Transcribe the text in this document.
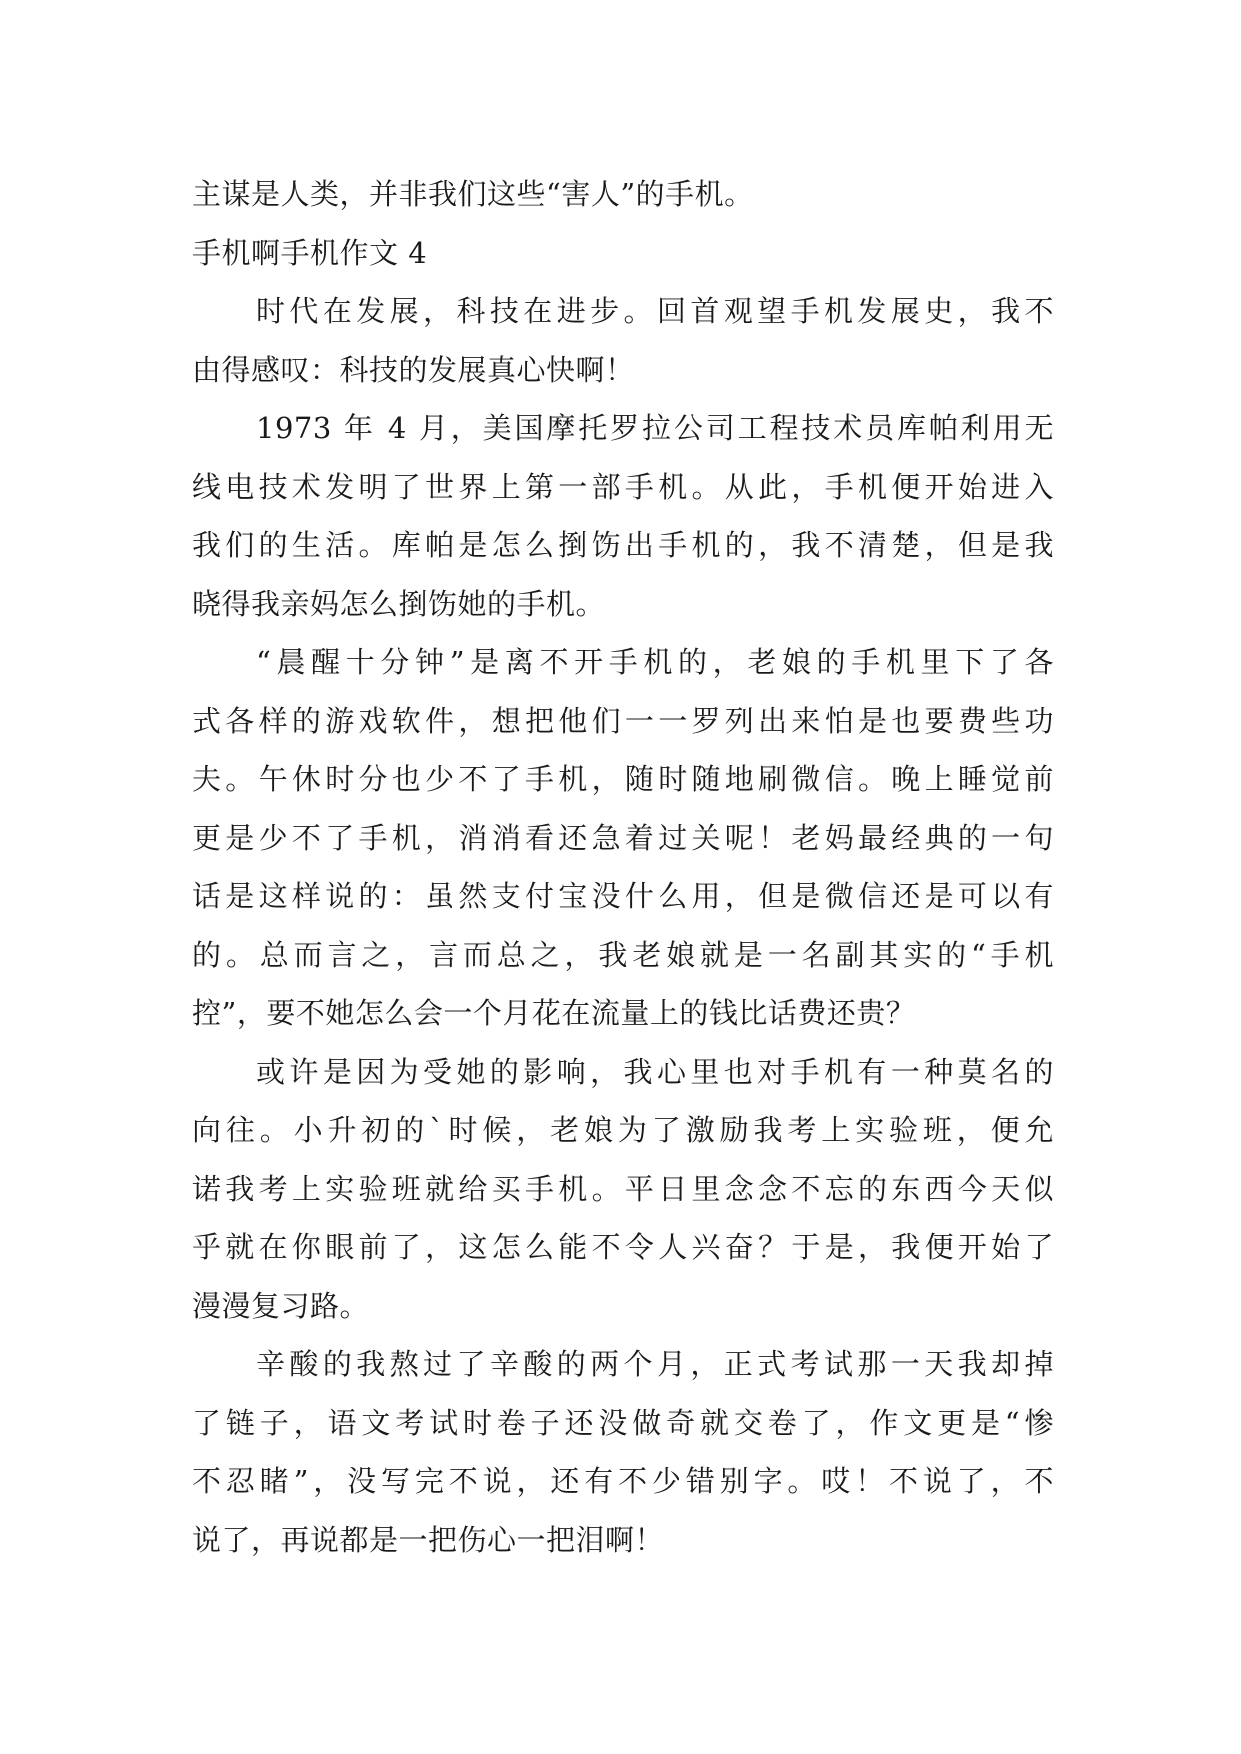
主谋是人类，并非我们这些“害人”的手机。
手机啊手机作文 4
时代在发展，科技在进步。回首观望手机发展史，我不
由得感叹：科技的发展真心快啊！
1973 年 4 月，美国摩托罗拉公司工程技术员库帕利用无
线电技术发明了世界上第一部手机。从此，手机便开始进入
我们的生活。库帕是怎么捯饬出手机的，我不清楚，但是我
晓得我亲妈怎么捯饬她的手机。
“晨醒十分钟”是离不开手机的，老娘的手机里下了各
式各样的游戏软件，想把他们一一罗列出来怕是也要费些功
夫。午休时分也少不了手机，随时随地刷微信。晚上睡觉前
更是少不了手机，消消看还急着过关呢！老妈最经典的一句
话是这样说的：虽然支付宝没什么用，但是微信还是可以有
的。总而言之，言而总之，我老娘就是一名副其实的“手机
控”，要不她怎么会一个月花在流量上的钱比话费还贵？
或许是因为受她的影响，我心里也对手机有一种莫名的
向往。小升初的`时候，老娘为了激励我考上实验班，便允
诺我考上实验班就给买手机。平日里念念不忘的东西今天似
乎就在你眼前了，这怎么能不令人兴奋？于是，我便开始了
漫漫复习路。
辛酸的我熬过了辛酸的两个月，正式考试那一天我却掉
了链子，语文考试时卷子还没做奇就交卷了，作文更是“惨
不忍睹”，没写完不说，还有不少错别字。哎！不说了，不
说了，再说都是一把伤心一把泪啊！
